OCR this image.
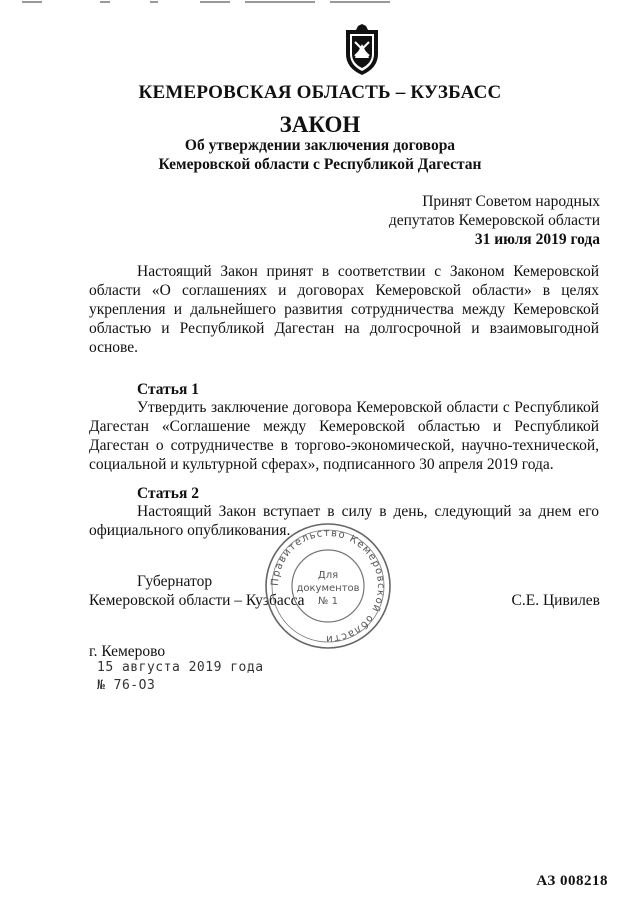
КЕМЕРОВСКАЯ ОБЛАСТЬ – КУЗБАСС
ЗАКОН
Об утверждении заключения договора
Кемеровской области с Республикой Дагестан
Принят Советом народных
депутатов Кемеровской области
31 июля 2019 года

Настоящий Закон принят в соответствии с Законом Кемеровской области «О соглашениях и договорах Кемеровской области» в целях укрепления и дальнейшего развития сотрудничества между Кемеровской областью и Республикой Дагестан на долгосрочной и взаимовыгодной основе.

Статья 1

Утвердить заключение договора Кемеровской области с Республикой Дагестан «Соглашение между Кемеровской областью и Республикой Дагестан о сотрудничестве в торгово-экономической, научно-технической, социальной и культурной сферах», подписанного 30 апреля 2019 года.

Статья 2

Настоящий Закон вступает в силу в день, следующий за днем его официального опубликования.

Губернатор
Кемеровской области – Кузбасса	С.Е. Цивилев
Правительство Кемеровской области
Для
документов
№ 1
г. Кемерово
15 августа 2019 года
№ 76-ОЗ
АЗ 008218
